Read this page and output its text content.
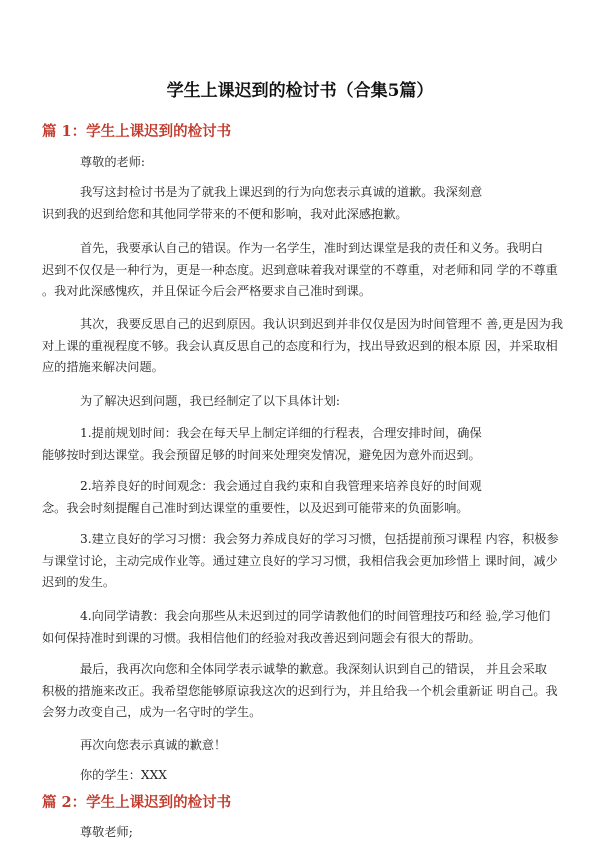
学生上课迟到的检讨书（合集5篇）
篇 1：学生上课迟到的检讨书
尊敬的老师:
我写这封检讨书是为了就我上课迟到的行为向您表示真诚的道歉。我深刻意
识到我的迟到给您和其他同学带来的不便和影响，我对此深感抱歉。
首先，我要承认自己的错误。作为一名学生，准时到达课堂是我的责任和义务。我明白
迟到不仅仅是一种行为，更是一种态度。迟到意味着我对课堂的不尊重，对老师和同 学的不尊重
。我对此深感愧疚，并且保证今后会严格要求自己准时到课。
其次，我要反思自己的迟到原因。我认识到迟到并非仅仅是因为时间管理不 善,更是因为我
对上课的重视程度不够。我会认真反思自己的态度和行为，找出导致迟到的根本原 因，并采取相
应的措施来解决问题。
为了解决迟到问题，我已经制定了以下具体计划:
1.提前规划时间：我会在每天早上制定详细的行程表，合理安排时间，确保
能够按时到达课堂。我会预留足够的时间来处理突发情况，避免因为意外而迟到。
2.培养良好的时间观念：我会通过自我约束和自我管理来培养良好的时间观
念。我会时刻提醒自己准时到达课堂的重要性，以及迟到可能带来的负面影响。
3.建立良好的学习习惯：我会努力养成良好的学习习惯，包括提前预习课程 内容，积极参
与课堂讨论，主动完成作业等。通过建立良好的学习习惯，我相信我会更加珍惜上 课时间，减少
迟到的发生。
4.向同学请教：我会向那些从未迟到过的同学请教他们的时间管理技巧和经 验,学习他们
如何保持准时到课的习惯。我相信他们的经验对我改善迟到问题会有很大的帮助。
最后，我再次向您和全体同学表示诚挚的歉意。我深刻认识到自己的错误， 并且会采取
积极的措施来改正。我希望您能够原谅我这次的迟到行为，并且给我一个机会重新证 明自己。我
会努力改变自己，成为一名守时的学生。
再次向您表示真诚的歉意！
你的学生：XXX
篇 2：学生上课迟到的检讨书
尊敬老师;
